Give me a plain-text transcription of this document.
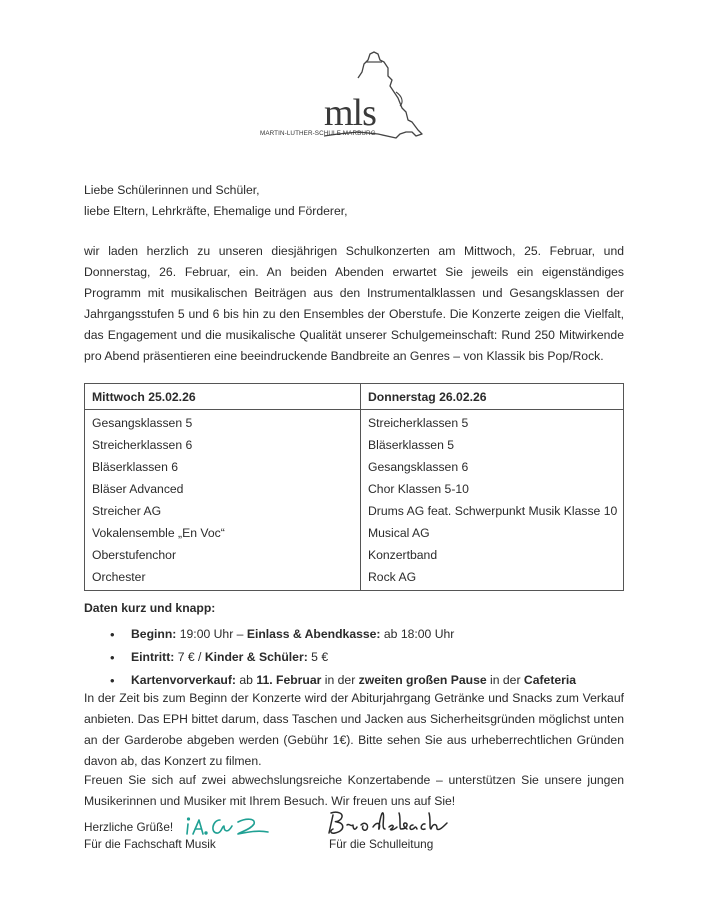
mls
MARTIN-LUTHER-SCHULE MARBURG
Liebe Schülerinnen und Schüler,
liebe Eltern, Lehrkräfte, Ehemalige und Förderer,
wir laden herzlich zu unseren diesjährigen Schulkonzerten am Mittwoch, 25. Februar, und Donnerstag, 26. Februar, ein. An beiden Abenden erwartet Sie jeweils ein eigenständiges Programm mit musikalischen Beiträgen aus den Instrumentalklassen und Gesangsklassen der Jahrgangsstufen 5 und 6 bis hin zu den Ensembles der Oberstufe. Die Konzerte zeigen die Vielfalt, das Engagement und die musikalische Qualität unserer Schulgemeinschaft: Rund 250 Mitwirkende pro Abend präsentieren eine beeindruckende Bandbreite an Genres – von Klassik bis Pop/Rock.
Mittwoch 25.02.26	Donnerstag 26.02.26
Gesangsklassen 5	Streicherklassen 5
Streicherklassen 6	Bläserklassen 5
Bläserklassen 6	Gesangsklassen 6
Bläser Advanced	Chor Klassen 5-10
Streicher AG	Drums AG feat. Schwerpunkt Musik Klasse 10
Vokalensemble „En Voc“	Musical AG
Oberstufenchor	Konzertband
Orchester	Rock AG
Daten kurz und knapp:
• Beginn: 19:00 Uhr – Einlass & Abendkasse: ab 18:00 Uhr
• Eintritt: 7 € / Kinder & Schüler: 5 €
• Kartenvorverkauf: ab 11. Februar in der zweiten großen Pause in der Cafeteria
In der Zeit bis zum Beginn der Konzerte wird der Abiturjahrgang Getränke und Snacks zum Verkauf anbieten. Das EPH bittet darum, dass Taschen und Jacken aus Sicherheitsgründen möglichst unten an der Garderobe abgeben werden (Gebühr 1€). Bitte sehen Sie aus urheberrechtlichen Gründen davon ab, das Konzert zu filmen.
Freuen Sie sich auf zwei abwechslungsreiche Konzertabende – unterstützen Sie unsere jungen Musikerinnen und Musiker mit Ihrem Besuch. Wir freuen uns auf Sie!
Herzliche Grüße!
Für die Fachschaft Musik	Für die Schulleitung
